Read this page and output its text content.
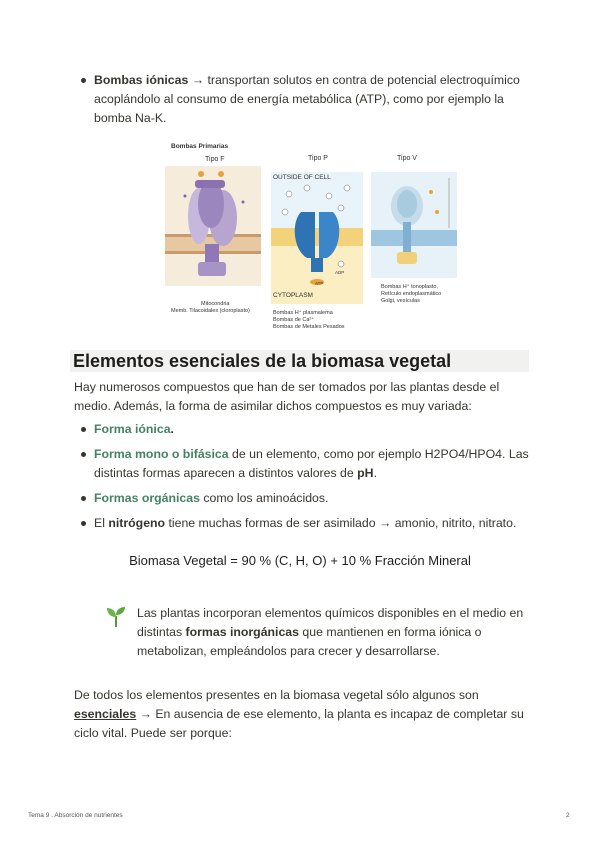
Bombas iónicas → transportan solutos en contra de potencial electroquímico acoplándolo al consumo de energía metabólica (ATP), como por ejemplo la bomba Na-K.
Bombas Primarias
Tipo F	Tipo P	Tipo V
Mitocondria
Memb. Tilacoidales (cloroplasto)
OUTSIDE OF CELL
ATP
ADP
CYTOPLASM
Bombas H⁺ plasmalema
Bombas de Ca²⁺
Bombas de Metales Pesados
Bombas H⁺ tonoplasto,
Retículo endoplasmático
Golgi, vesículas
Elementos esenciales de la biomasa vegetal
Hay numerosos compuestos que han de ser tomados por las plantas desde el medio. Además, la forma de asimilar dichos compuestos es muy variada:
Forma iónica.
Forma mono o bifásica de un elemento, como por ejemplo H2PO4/HPO4. Las distintas formas aparecen a distintos valores de pH.
Formas orgánicas como los aminoácidos.
El nitrógeno tiene muchas formas de ser asimilado → amonio, nitrito, nitrato.
Biomasa Vegetal = 90 % (C, H, O) + 10 % Fracción Mineral
Las plantas incorporan elementos químicos disponibles en el medio en distintas formas inorgánicas que mantienen en forma iónica o metabolizan, empleándolos para crecer y desarrollarse.
De todos los elementos presentes en la biomasa vegetal sólo algunos son esenciales → En ausencia de ese elemento, la planta es incapaz de completar su ciclo vital. Puede ser porque:
Tema 9 . Absorción de nutrientes	2
